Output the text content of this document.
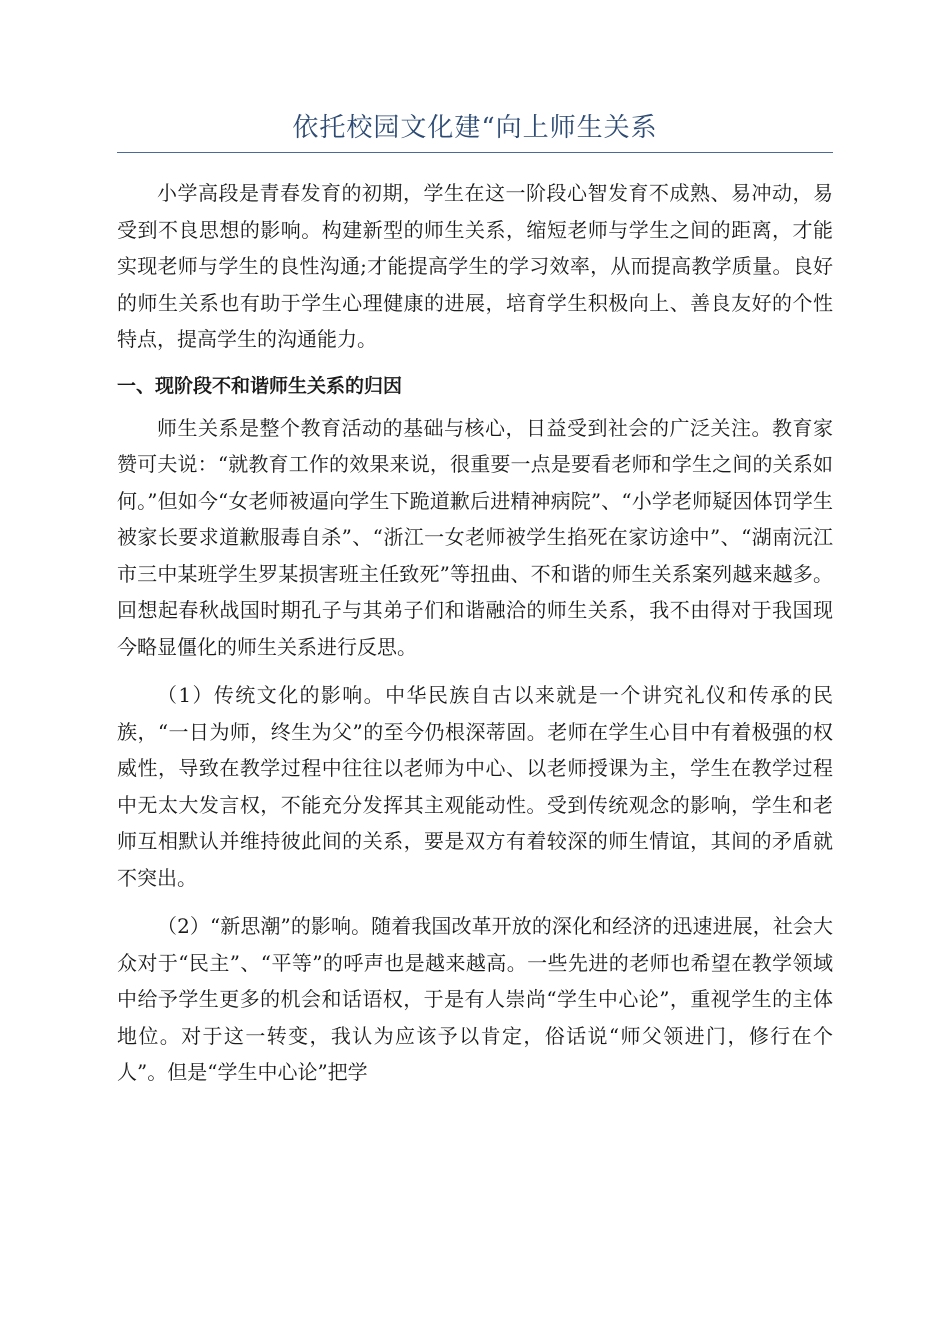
依托校园文化建“向上师生关系

小学高段是青春发育的初期，学生在这一阶段心智发育不成熟、易冲动，易受到不良思想的影响。构建新型的师生关系，缩短老师与学生之间的距离，才能实现老师与学生的良性沟通;才能提高学生的学习效率，从而提高教学质量。良好的师生关系也有助于学生心理健康的进展，培育学生积极向上、善良友好的个性特点，提高学生的沟通能力。

一、现阶段不和谐师生关系的归因

师生关系是整个教育活动的基础与核心，日益受到社会的广泛关注。教育家赞可夫说：“就教育工作的效果来说，很重要一点是要看老师和学生之间的关系如何。”但如今“女老师被逼向学生下跪道歉后进精神病院”、“小学老师疑因体罚学生被家长要求道歉服毒自杀”、“浙江一女老师被学生掐死在家访途中”、“湖南沅江市三中某班学生罗某损害班主任致死”等扭曲、不和谐的师生关系案列越来越多。回想起春秋战国时期孔子与其弟子们和谐融洽的师生关系，我不由得对于我国现今略显僵化的师生关系进行反思。

（1）传统文化的影响。中华民族自古以来就是一个讲究礼仪和传承的民族，“一日为师，终生为父”的至今仍根深蒂固。老师在学生心目中有着极强的权威性，导致在教学过程中往往以老师为中心、以老师授课为主，学生在教学过程中无太大发言权，不能充分发挥其主观能动性。受到传统观念的影响，学生和老师互相默认并维持彼此间的关系，要是双方有着较深的师生情谊，其间的矛盾就不突出。

（2）“新思潮”的影响。随着我国改革开放的深化和经济的迅速进展，社会大众对于“民主”、“平等”的呼声也是越来越高。一些先进的老师也希望在教学领域中给予学生更多的机会和话语权，于是有人崇尚“学生中心论”，重视学生的主体地位。对于这一转变，我认为应该予以肯定，俗话说“师父领进门，修行在个人”。但是“学生中心论”把学
